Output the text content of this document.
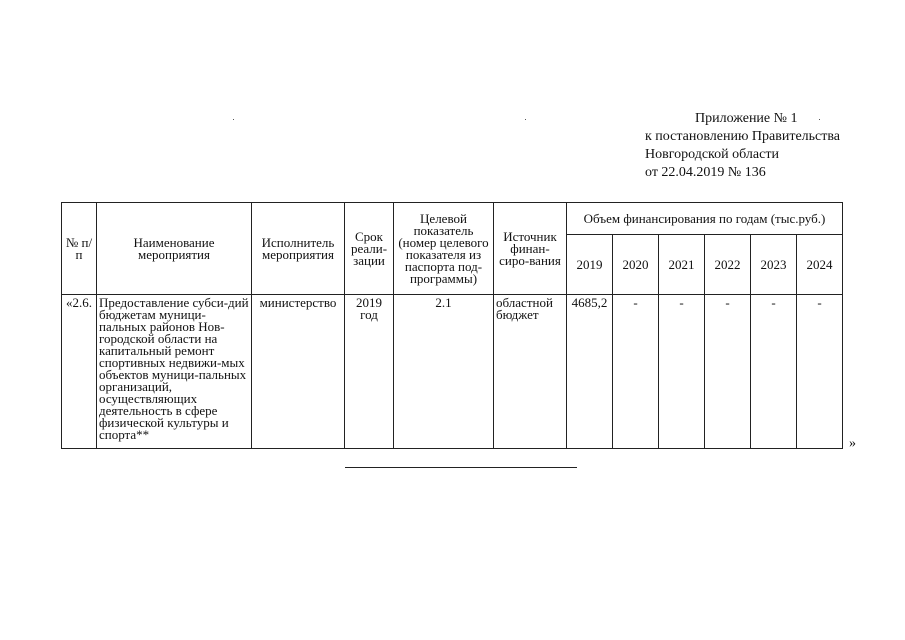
Приложение № 1
к постановлению Правительства
Новгородской области
от 22.04.2019 № 136
№ п/п	Наименование мероприятия	Исполнитель мероприятия	Срок реали-зации	Целевой показатель (номер целевого показателя из паспорта под-программы)	Источник финан-сиро-вания	Объем финансирования по годам (тыс.руб.)					
						2019	2020	2021	2022	2023	2024
«2.6.	Предоставление субси-дий бюджетам муници-пальных районов Нов-городской области на капитальный ремонт спортивных недвижи-мых объектов муници-пальных организаций, осуществляющих деятельность в сфере физической культуры и спорта**	министерство	2019 год	2.1	областной бюджет	4685,2	-	-	-	-	-
»
